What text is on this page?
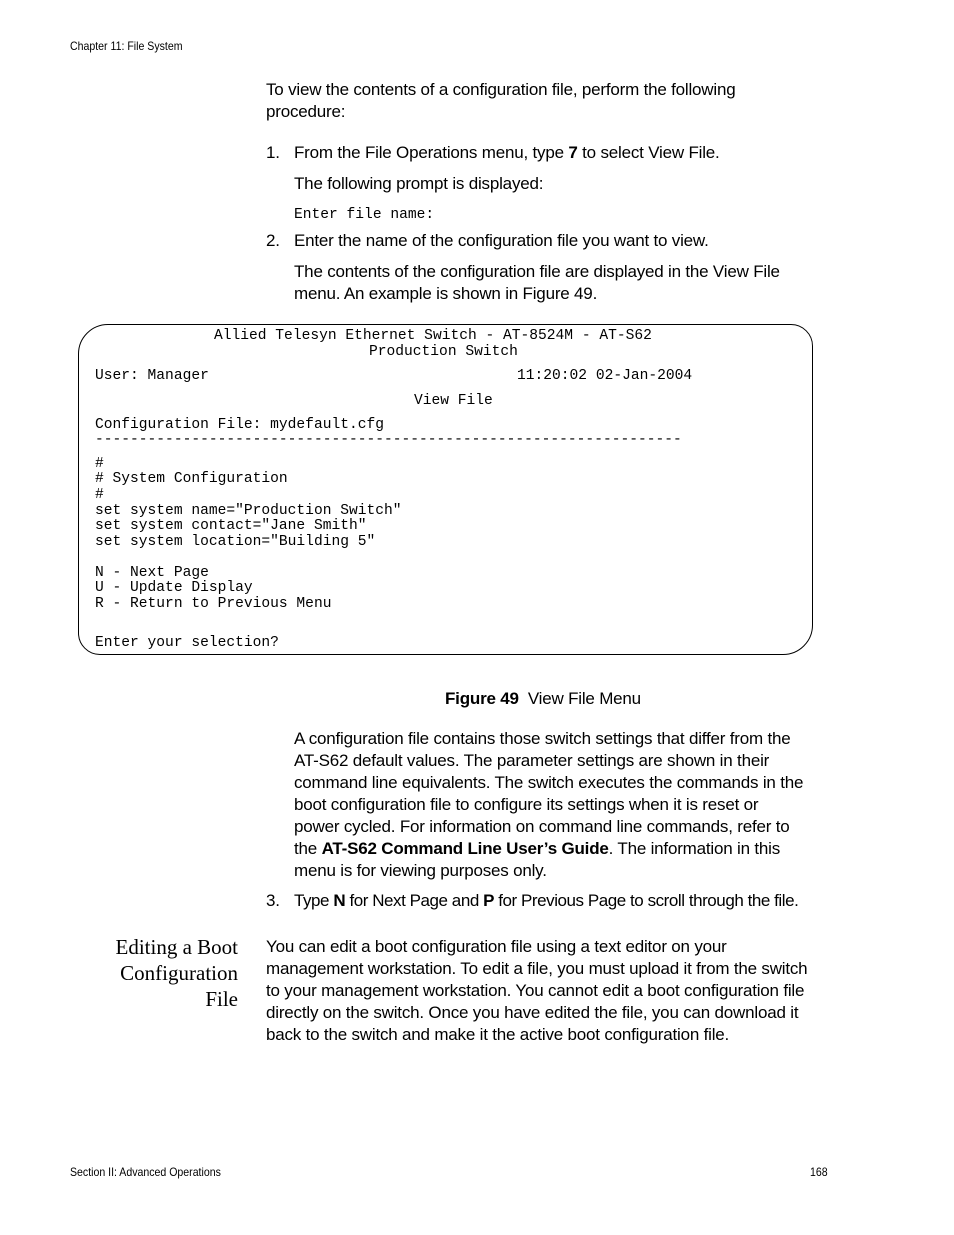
Chapter 11: File System
To view the contents of a configuration file, perform the following procedure:
1. From the File Operations menu, type 7 to select View File.
The following prompt is displayed:
Enter file name:
2. Enter the name of the configuration file you want to view.
The contents of the configuration file are displayed in the View File menu. An example is shown in Figure 49.
Allied Telesyn Ethernet Switch - AT-8524M - AT-S62
Production Switch
User: Manager	11:20:02 02-Jan-2004
View File
Configuration File: mydefault.cfg
-------------------------------------------------------------------
#
# System Configuration
#
set system name="Production Switch"
set system contact="Jane Smith"
set system location="Building 5"
N - Next Page
U - Update Display
R - Return to Previous Menu
Enter your selection?
Figure 49 View File Menu
A configuration file contains those switch settings that differ from the AT-S62 default values. The parameter settings are shown in their command line equivalents. The switch executes the commands in the boot configuration file to configure its settings when it is reset or power cycled. For information on command line commands, refer to the AT-S62 Command Line User’s Guide. The information in this menu is for viewing purposes only.
3. Type N for Next Page and P for Previous Page to scroll through the file.
Editing a Boot
Configuration
File
You can edit a boot configuration file using a text editor on your management workstation. To edit a file, you must upload it from the switch to your management workstation. You cannot edit a boot configuration file directly on the switch. Once you have edited the file, you can download it back to the switch and make it the active boot configuration file.
Section II: Advanced Operations	168
